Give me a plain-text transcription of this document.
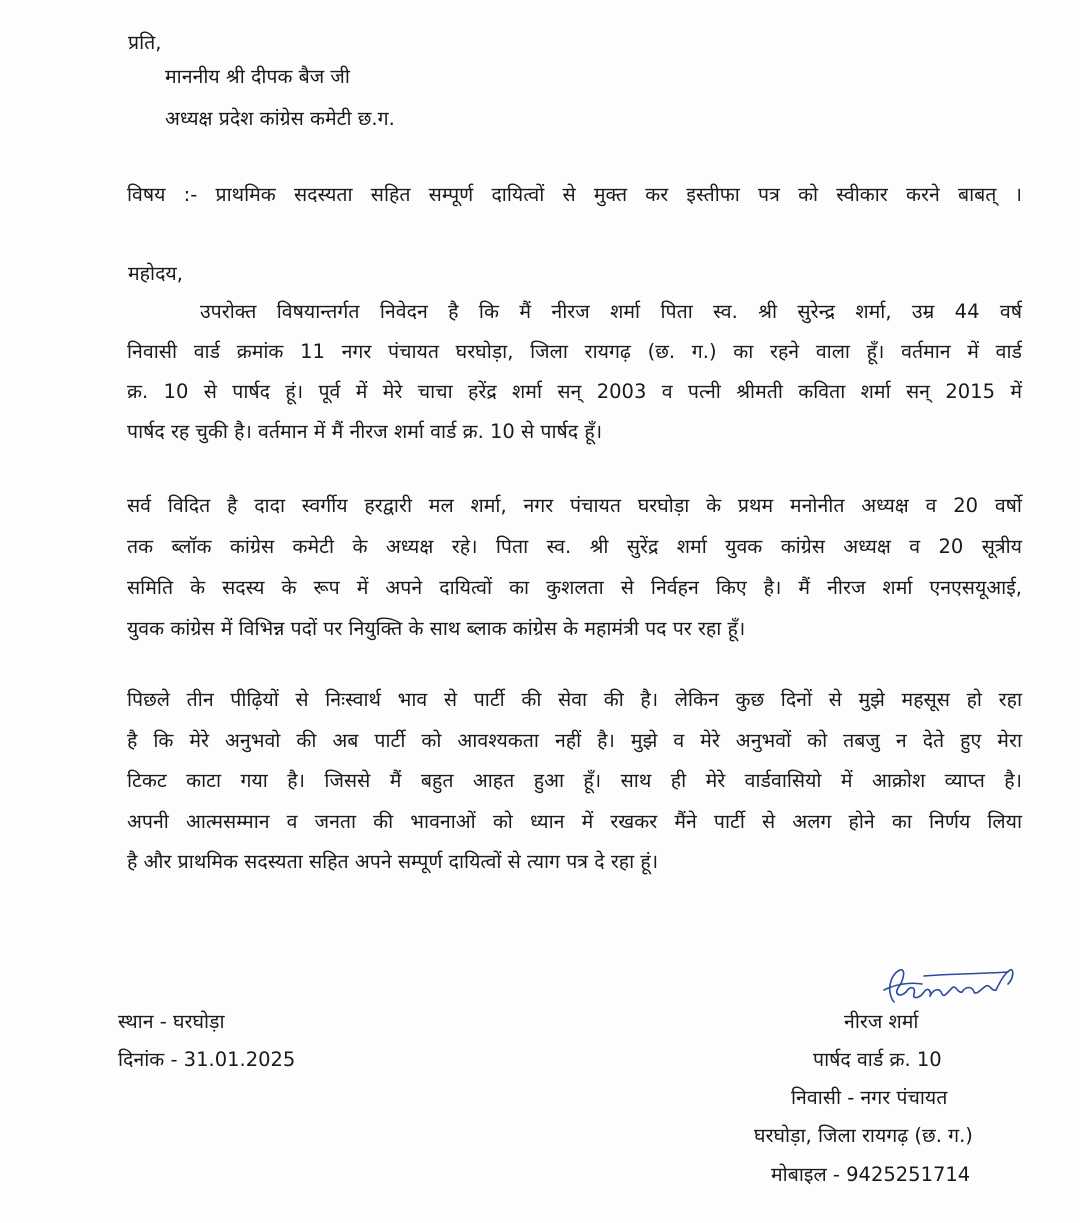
प्रति,
माननीय श्री दीपक बैज जी
अध्यक्ष प्रदेश कांग्रेस कमेटी छ.ग.
विषय :- प्राथमिक सदस्यता सहित सम्पूर्ण दायित्वों से मुक्त कर इस्तीफा पत्र को स्वीकार करने बाबत् ।
महोदय,
उपरोक्त विषयान्तर्गत निवेदन है कि मैं नीरज शर्मा पिता स्व. श्री सुरेन्द्र शर्मा, उम्र 44 वर्ष
निवासी वार्ड क्रमांक 11 नगर पंचायत घरघोड़ा, जिला रायगढ़ (छ. ग.) का रहने वाला हूँ। वर्तमान में वार्ड
क्र. 10 से पार्षद हूं। पूर्व में मेरे चाचा हरेंद्र शर्मा सन् 2003 व पत्नी श्रीमती कविता शर्मा सन् 2015 में
पार्षद रह चुकी है। वर्तमान में मैं नीरज शर्मा वार्ड क्र. 10 से पार्षद हूँ।
सर्व विदित है दादा स्वर्गीय हरद्वारी मल शर्मा, नगर पंचायत घरघोड़ा के प्रथम मनोनीत अध्यक्ष व 20 वर्षो
तक ब्लॉक कांग्रेस कमेटी के अध्यक्ष रहे। पिता स्व. श्री सुरेंद्र शर्मा युवक कांग्रेस अध्यक्ष व 20 सूत्रीय
समिति के सदस्य के रूप में अपने दायित्वों का कुशलता से निर्वहन किए है। मैं नीरज शर्मा एनएसयूआई,
युवक कांग्रेस में विभिन्न पदों पर नियुक्ति के साथ ब्लाक कांग्रेस के महामंत्री पद पर रहा हूँ।
पिछले तीन पीढ़ियों से निःस्वार्थ भाव से पार्टी की सेवा की है। लेकिन कुछ दिनों से मुझे महसूस हो रहा
है कि मेरे अनुभवो की अब पार्टी को आवश्यकता नहीं है। मुझे व मेरे अनुभवों को तबजु न देते हुए मेरा
टिकट काटा गया है। जिससे मैं बहुत आहत हुआ हूँ। साथ ही मेरे वार्डवासियो में आक्रोश व्याप्त है।
अपनी आत्मसम्मान व जनता की भावनाओं को ध्यान में रखकर मैंने पार्टी से अलग होने का निर्णय लिया
है और प्राथमिक सदस्यता सहित अपने सम्पूर्ण दायित्वों से त्याग पत्र दे रहा हूं।
स्थान - घरघोड़ा
दिनांक - 31.01.2025
नीरज शर्मा
पार्षद वार्ड क्र. 10
निवासी - नगर पंचायत
घरघोड़ा, जिला रायगढ़ (छ. ग.)
मोबाइल - 9425251714
